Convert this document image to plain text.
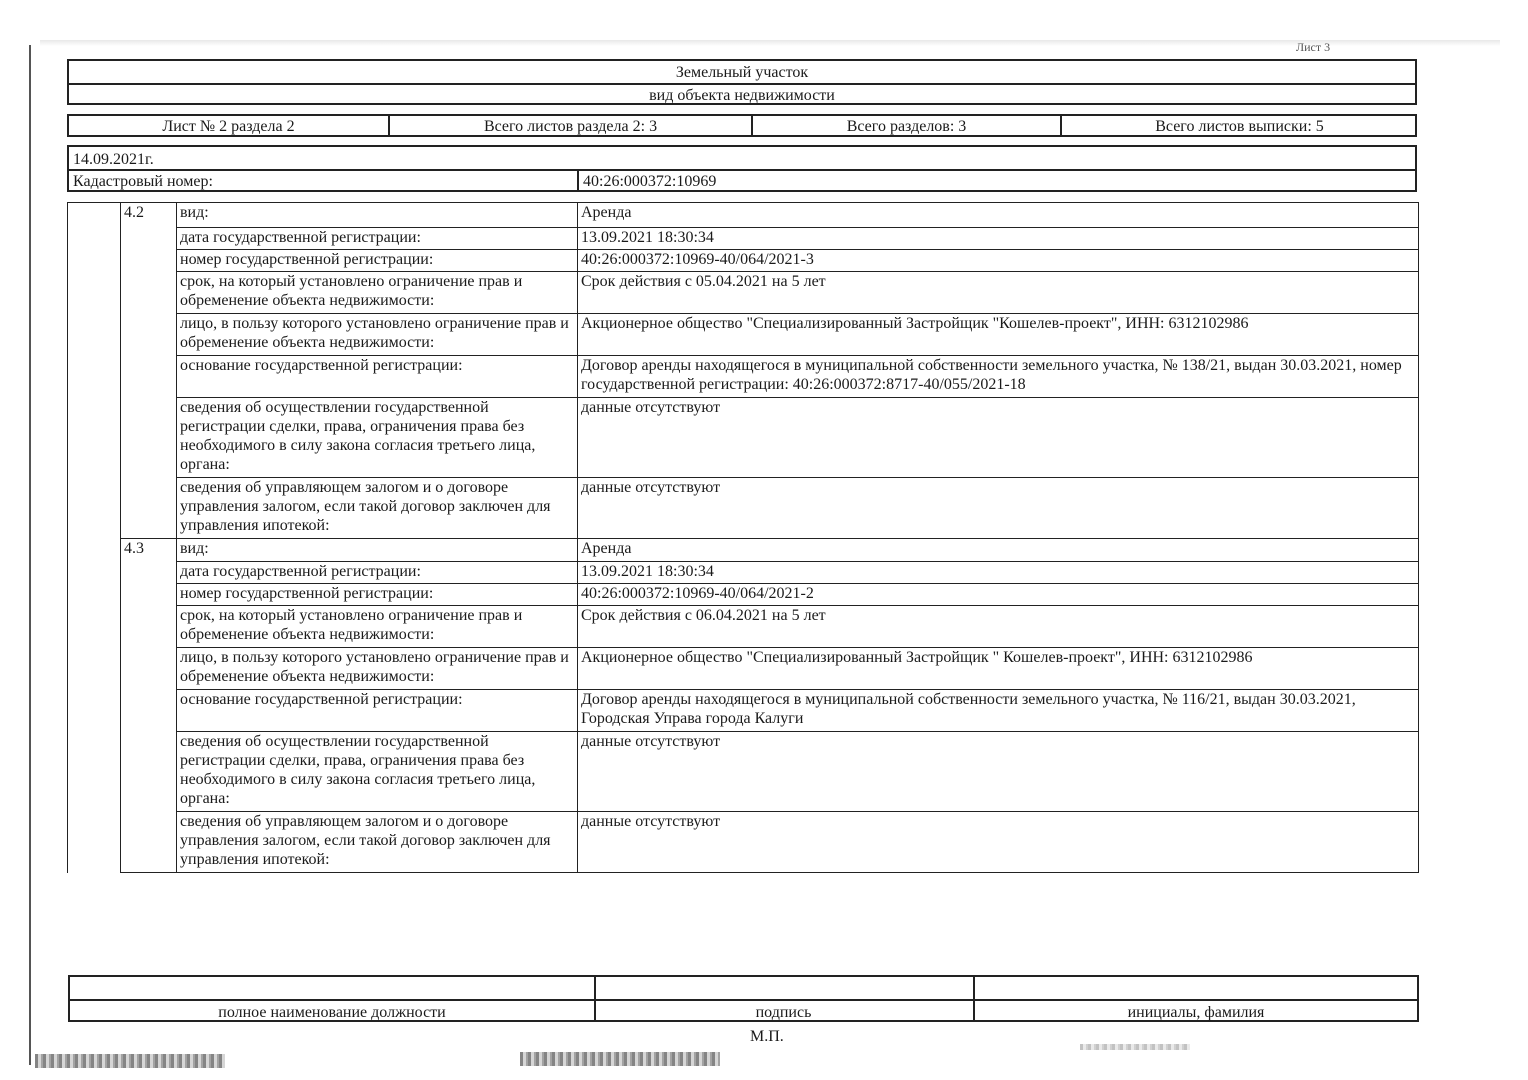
Лист 3
Земельный участок
вид объекта недвижимости
Лист № 2 раздела 2	Всего листов раздела 2: 3	Всего разделов: 3	Всего листов выписки: 5
14.09.2021г.
Кадастровый номер:	40:26:000372:10969
	4.2	вид:	Аренда
		дата государственной регистрации:	13.09.2021 18:30:34
		номер государственной регистрации:	40:26:000372:10969-40/064/2021-3
		срок, на который установлено ограничение прав и обременение объекта недвижимости:	Срок действия с 05.04.2021 на 5 лет
		лицо, в пользу которого установлено ограничение прав и обременение объекта недвижимости:	Акционерное общество "Специализированный Застройщик "Кошелев-проект", ИНН: 6312102986
		основание государственной регистрации:	Договор аренды находящегося в муниципальной собственности земельного участка, № 138/21, выдан 30.03.2021, номер государственной регистрации: 40:26:000372:8717-40/055/2021-18
		сведения об осуществлении государственной регистрации сделки, права, ограничения права без необходимого в силу закона согласия третьего лица, органа:	данные отсутствуют
		сведения об управляющем залогом и о договоре управления залогом, если такой договор заключен для управления ипотекой:	данные отсутствуют
	4.3	вид:	Аренда
		дата государственной регистрации:	13.09.2021 18:30:34
		номер государственной регистрации:	40:26:000372:10969-40/064/2021-2
		срок, на который установлено ограничение прав и обременение объекта недвижимости:	Срок действия с 06.04.2021 на 5 лет
		лицо, в пользу которого установлено ограничение прав и обременение объекта недвижимости:	Акционерное общество "Специализированный Застройщик " Кошелев-проект", ИНН: 6312102986
		основание государственной регистрации:	Договор аренды находящегося в муниципальной собственности земельного участка, № 116/21, выдан 30.03.2021, Городская Управа города Калуги
		сведения об осуществлении государственной регистрации сделки, права, ограничения права без необходимого в силу закона согласия третьего лица, органа:	данные отсутствуют
		сведения об управляющем залогом и о договоре управления залогом, если такой договор заключен для управления ипотекой:	данные отсутствуют
полное наименование должности	подпись	инициалы, фамилия
М.П.
